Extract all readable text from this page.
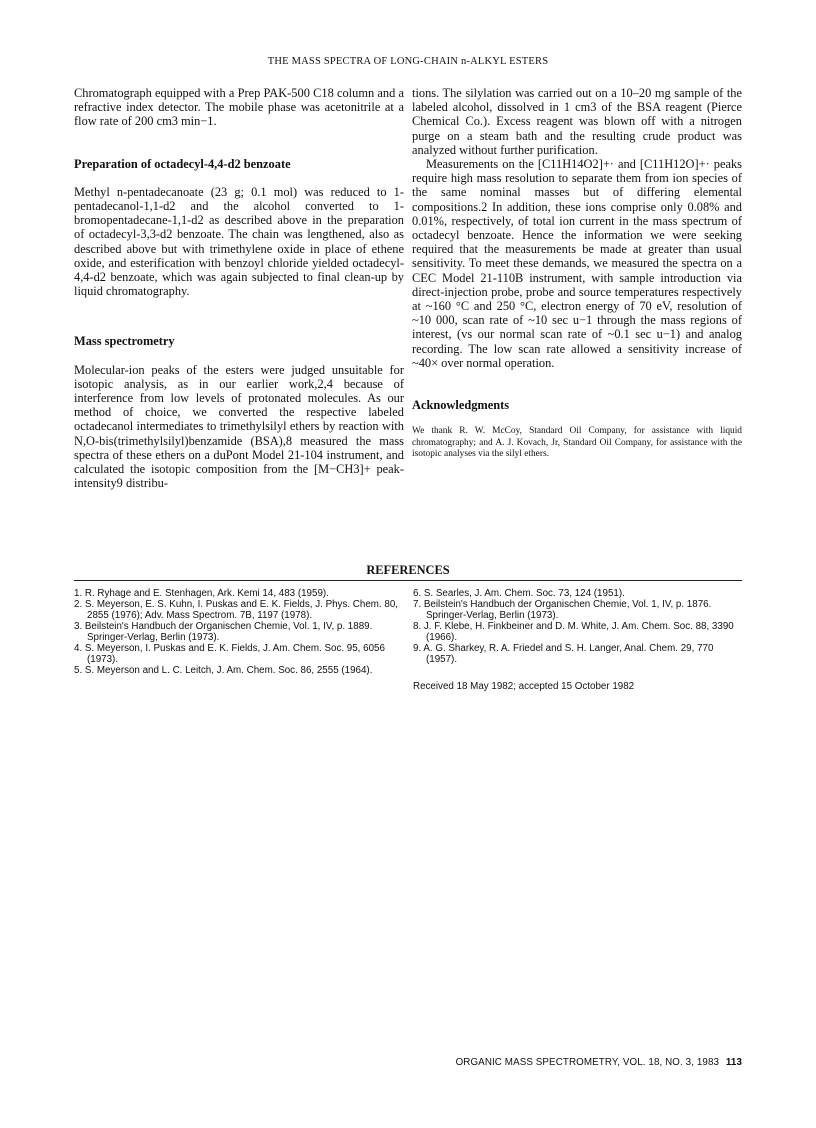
THE MASS SPECTRA OF LONG-CHAIN n-ALKYL ESTERS

Chromatograph equipped with a Prep PAK-500 C18 column and a refractive index detector. The mobile phase was acetonitrile at a flow rate of 200 cm3 min−1.

Preparation of octadecyl-4,4-d2 benzoate

Methyl n-pentadecanoate (23 g; 0.1 mol) was reduced to 1-pentadecanol-1,1-d2 and the alcohol converted to 1-bromopentadecane-1,1-d2 as described above in the preparation of octadecyl-3,3-d2 benzoate. The chain was lengthened, also as described above but with trimethylene oxide in place of ethene oxide, and esterification with benzoyl chloride yielded octadecyl-4,4-d2 benzoate, which was again subjected to final clean-up by liquid chromatography.

Mass spectrometry

Molecular-ion peaks of the esters were judged unsuitable for isotopic analysis, as in our earlier work,2,4 because of interference from low levels of protonated molecules. As our method of choice, we converted the respective labeled octadecanol intermediates to trimethylsilyl ethers by reaction with N,O-bis(trimethylsilyl)benzamide (BSA),8 measured the mass spectra of these ethers on a duPont Model 21-104 instrument, and calculated the isotopic composition from the [M−CH3]+ peak-intensity9 distribu-

tions. The silylation was carried out on a 10–20 mg sample of the labeled alcohol, dissolved in 1 cm3 of the BSA reagent (Pierce Chemical Co.). Excess reagent was blown off with a nitrogen purge on a steam bath and the resulting crude product was analyzed without further purification.

Measurements on the [C11H14O2]+· and [C11H12O]+· peaks require high mass resolution to separate them from ion species of the same nominal masses but of differing elemental compositions.2 In addition, these ions comprise only 0.08% and 0.01%, respectively, of total ion current in the mass spectrum of octadecyl benzoate. Hence the information we were seeking required that the measurements be made at greater than usual sensitivity. To meet these demands, we measured the spectra on a CEC Model 21-110B instrument, with sample introduction via direct-injection probe, probe and source temperatures respectively at ~160 °C and 250 °C, electron energy of 70 eV, resolution of ~10 000, scan rate of ~10 sec u−1 through the mass regions of interest, (vs our normal scan rate of ~0.1 sec u−1) and analog recording. The low scan rate allowed a sensitivity increase of ~40× over normal operation.

Acknowledgments

We thank R. W. McCoy, Standard Oil Company, for assistance with liquid chromatography; and A. J. Kovach, Jr, Standard Oil Company, for assistance with the isotopic analyses via the silyl ethers.

REFERENCES

1. R. Ryhage and E. Stenhagen, Ark. Kemi 14, 483 (1959).

2. S. Meyerson, E. S. Kuhn, I. Puskas and E. K. Fields, J. Phys. Chem. 80, 2855 (1976); Adv. Mass Spectrom. 7B, 1197 (1978).

3. Beilstein's Handbuch der Organischen Chemie, Vol. 1, IV, p. 1889. Springer-Verlag, Berlin (1973).

4. S. Meyerson, I. Puskas and E. K. Fields, J. Am. Chem. Soc. 95, 6056 (1973).

5. S. Meyerson and L. C. Leitch, J. Am. Chem. Soc. 86, 2555 (1964).

6. S. Searles, J. Am. Chem. Soc. 73, 124 (1951).

7. Beilstein's Handbuch der Organischen Chemie, Vol. 1, IV, p. 1876. Springer-Verlag, Berlin (1973).

8. J. F. Klebe, H. Finkbeiner and D. M. White, J. Am. Chem. Soc. 88, 3390 (1966).

9. A. G. Sharkey, R. A. Friedel and S. H. Langer, Anal. Chem. 29, 770 (1957).

Received 18 May 1982; accepted 15 October 1982

ORGANIC MASS SPECTROMETRY, VOL. 18, NO. 3, 1983 113
